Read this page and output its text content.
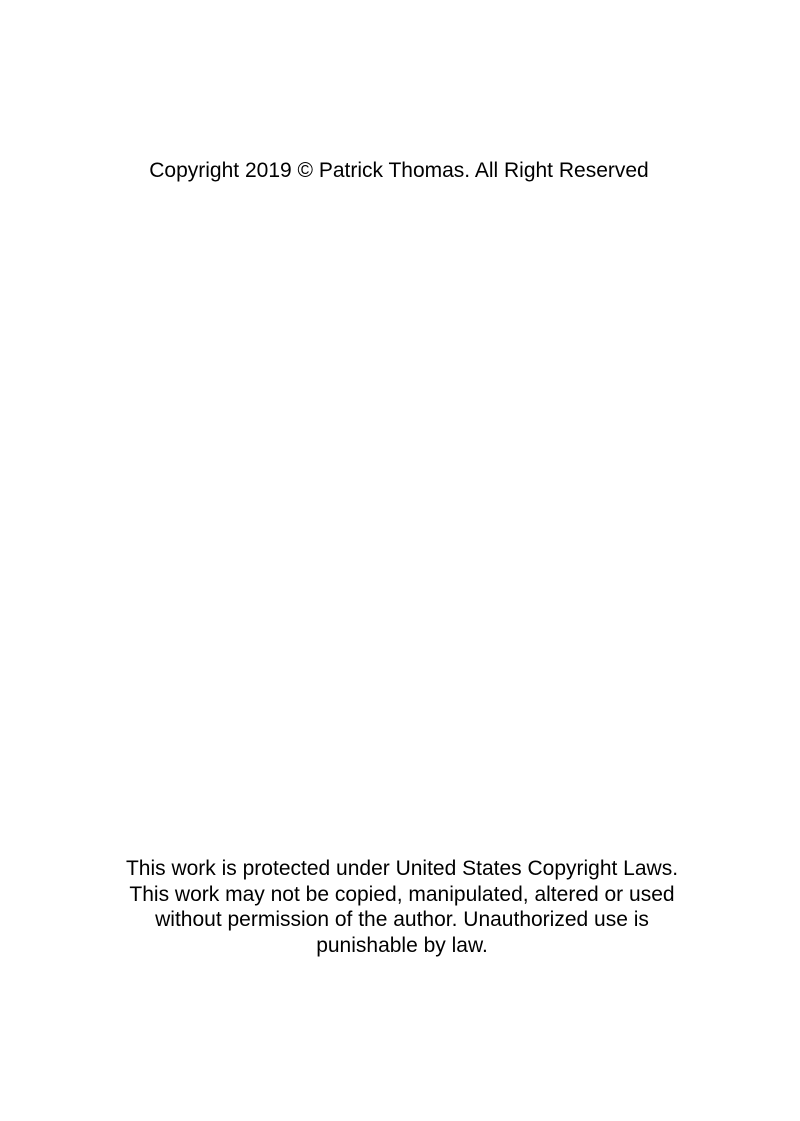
Copyright 2019 © Patrick Thomas. All Right Reserved
This work is protected under United States Copyright Laws.
This work may not be copied, manipulated, altered or used
without permission of the author. Unauthorized use is
punishable by law.
